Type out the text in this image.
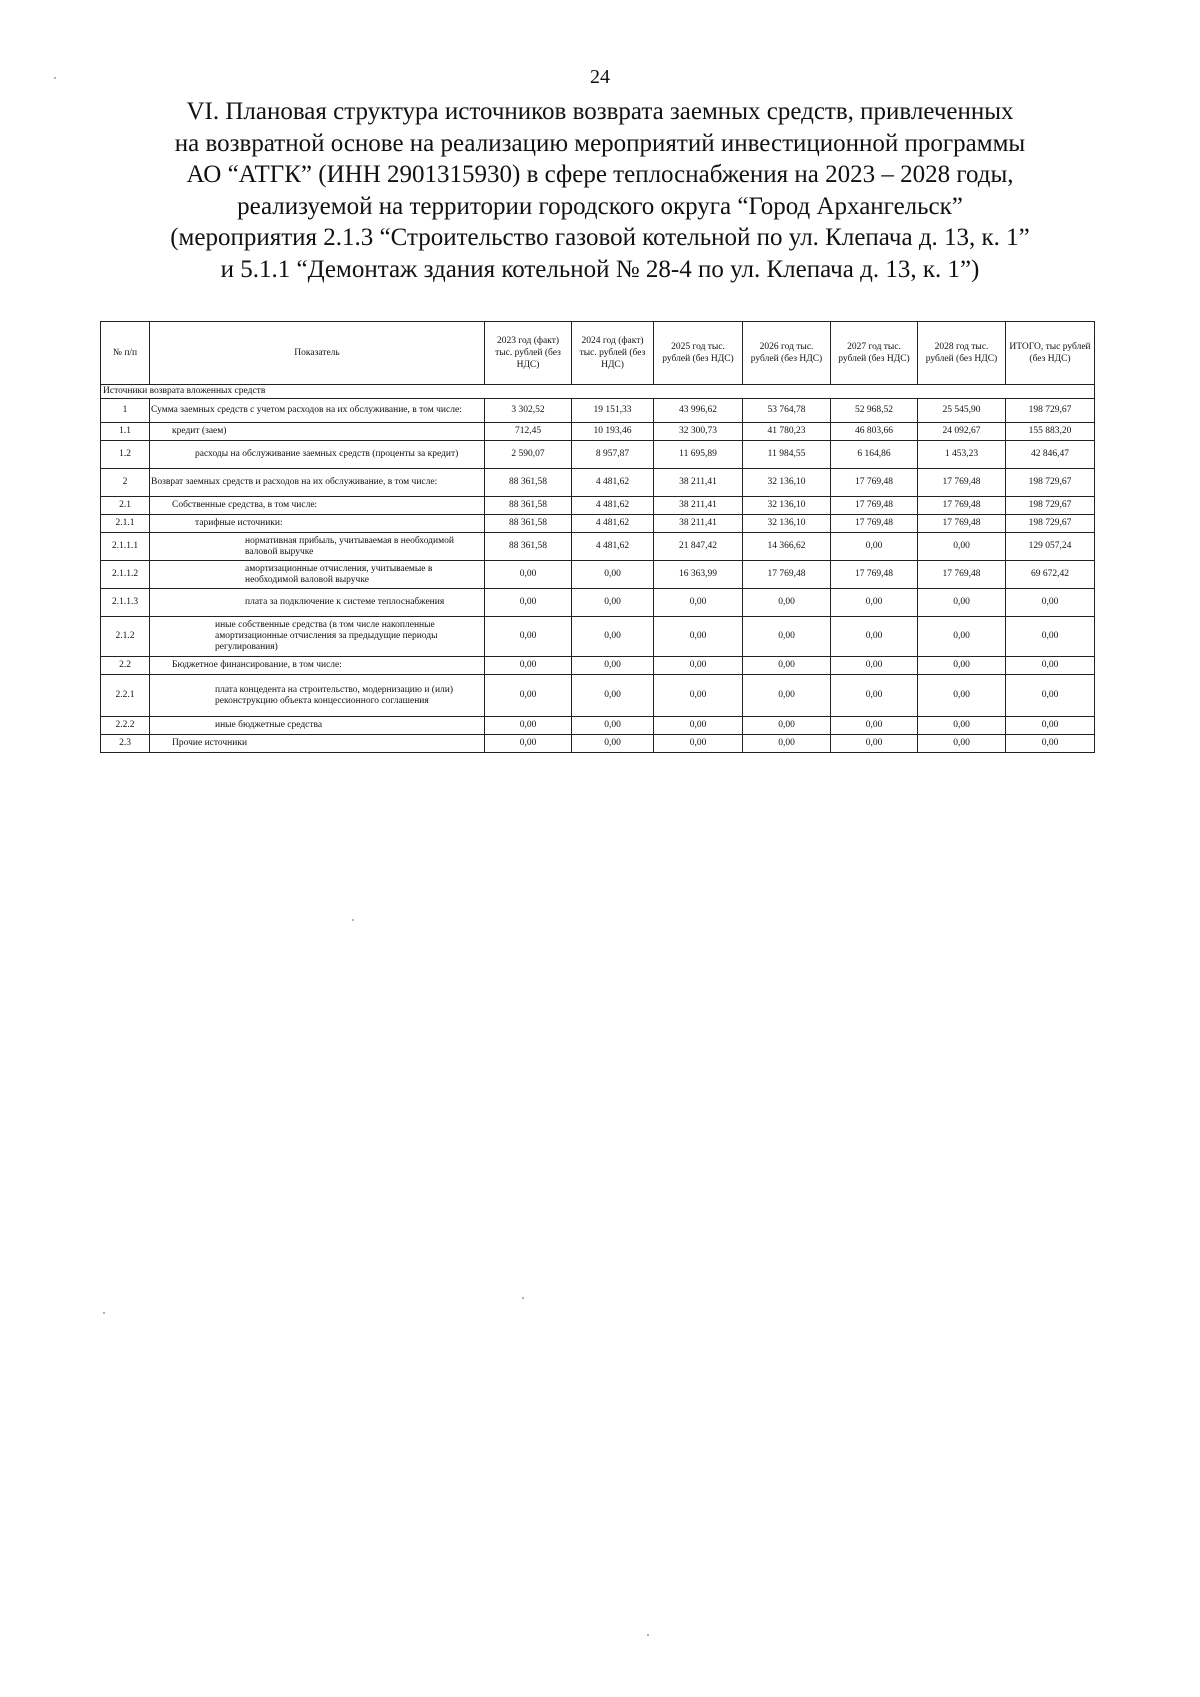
24
VI. Плановая структура источников возврата заемных средств, привлеченных
на возвратной основе на реализацию мероприятий инвестиционной программы
АО “АТГК” (ИНН 2901315930) в сфере теплоснабжения на 2023 – 2028 годы,
реализуемой на территории городского округа “Город Архангельск”
(мероприятия 2.1.3 “Строительство газовой котельной по ул. Клепача д. 13, к. 1”
и 5.1.1 “Демонтаж здания котельной № 28-4 по ул. Клепача д. 13, к. 1”)
№ п/п	Показатель	2023 год (факт) тыс. рублей (без НДС)	2024 год (факт) тыс. рублей (без НДС)	2025 год тыс. рублей (без НДС)	2026 год тыс. рублей (без НДС)	2027 год тыс. рублей (без НДС)	2028 год тыс. рублей (без НДС)	ИТОГО, тыс рублей (без НДС)
Источники возврата вложенных средств								
1	Сумма заемных средств с учетом расходов на их обслуживание, в том числе:	3 302,52	19 151,33	43 996,62	53 764,78	52 968,52	25 545,90	198 729,67
1.1	кредит (заем)	712,45	10 193,46	32 300,73	41 780,23	46 803,66	24 092,67	155 883,20
1.2	расходы на обслуживание заемных средств (проценты за кредит)	2 590,07	8 957,87	11 695,89	11 984,55	6 164,86	1 453,23	42 846,47
2	Возврат заемных средств и расходов на их обслуживание, в том числе:	88 361,58	4 481,62	38 211,41	32 136,10	17 769,48	17 769,48	198 729,67
2.1	Собственные средства, в том числе:	88 361,58	4 481,62	38 211,41	32 136,10	17 769,48	17 769,48	198 729,67
2.1.1	тарифные источники:	88 361,58	4 481,62	38 211,41	32 136,10	17 769,48	17 769,48	198 729,67
2.1.1.1	нормативная прибыль, учитываемая в необходимой валовой выручке	88 361,58	4 481,62	21 847,42	14 366,62	0,00	0,00	129 057,24
2.1.1.2	амортизационные отчисления, учитываемые в необходимой валовой выручке	0,00	0,00	16 363,99	17 769,48	17 769,48	17 769,48	69 672,42
2.1.1.3	плата за подключение к системе теплоснабжения	0,00	0,00	0,00	0,00	0,00	0,00	0,00
2.1.2	иные собственные средства (в том числе накопленные амортизационные отчисления за предыдущие периоды регулирования)	0,00	0,00	0,00	0,00	0,00	0,00	0,00
2.2	Бюджетное финансирование, в том числе:	0,00	0,00	0,00	0,00	0,00	0,00	0,00
2.2.1	плата концедента на строительство, модернизацию и (или) реконструкцию объекта концессионного соглашения	0,00	0,00	0,00	0,00	0,00	0,00	0,00
2.2.2	иные бюджетные средства	0,00	0,00	0,00	0,00	0,00	0,00	0,00
2.3	Прочие источники	0,00	0,00	0,00	0,00	0,00	0,00	0,00
